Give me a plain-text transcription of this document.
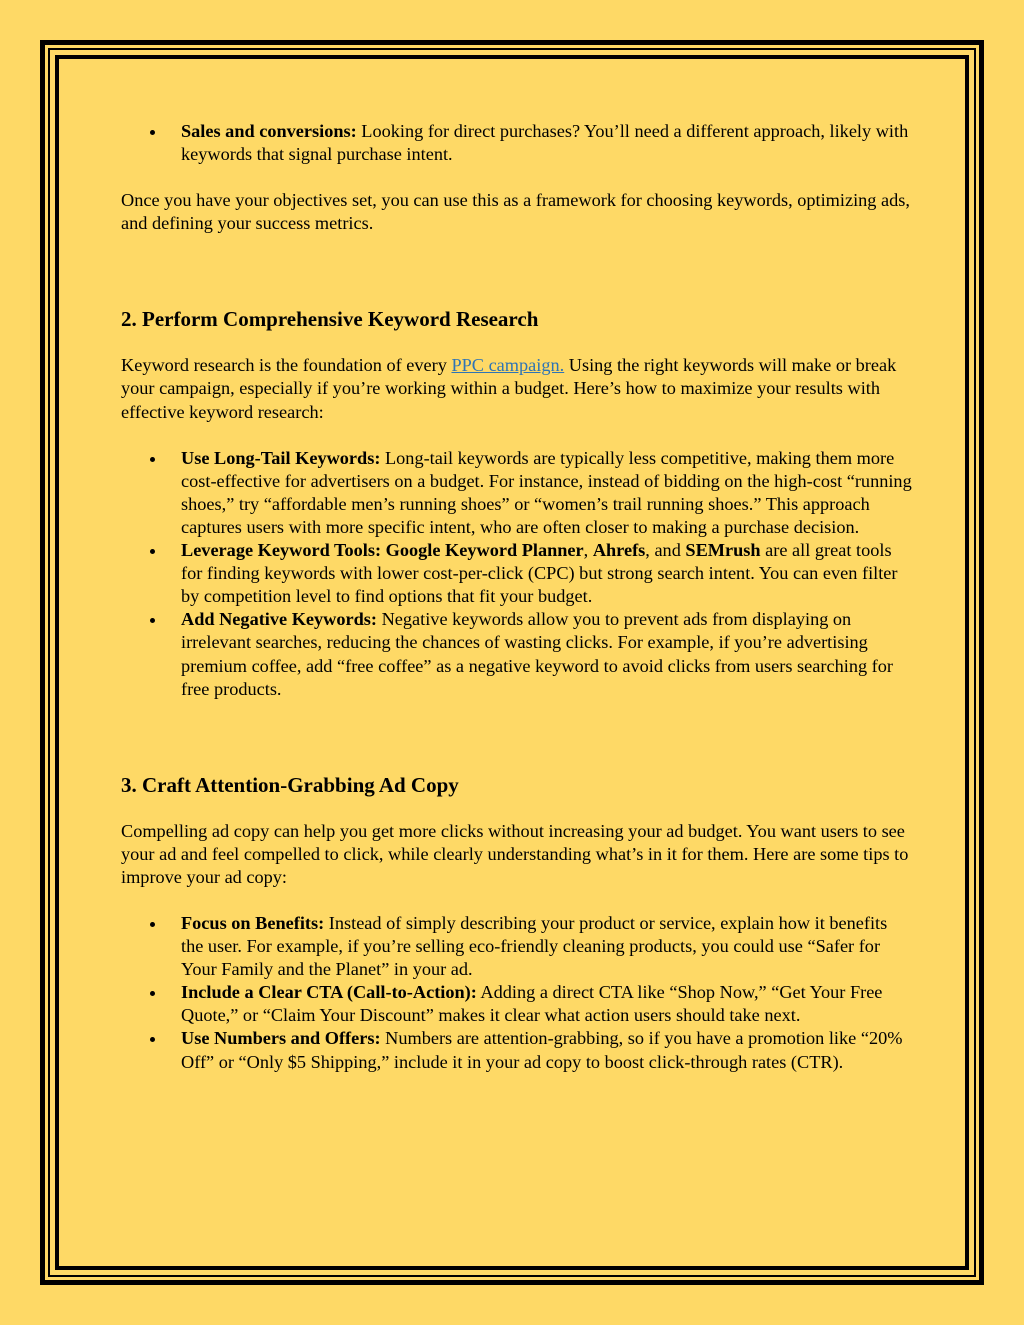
Sales and conversions: Looking for direct purchases? You’ll need a different approach, likely with keywords that signal purchase intent.

Once you have your objectives set, you can use this as a framework for choosing keywords, optimizing ads, and defining your success metrics.

2. Perform Comprehensive Keyword Research

Keyword research is the foundation of every PPC campaign. Using the right keywords will make or break your campaign, especially if you’re working within a budget. Here’s how to maximize your results with effective keyword research:

Use Long-Tail Keywords: Long-tail keywords are typically less competitive, making them more cost-effective for advertisers on a budget. For instance, instead of bidding on the high-cost “running shoes,” try “affordable men’s running shoes” or “women’s trail running shoes.” This approach captures users with more specific intent, who are often closer to making a purchase decision.
Leverage Keyword Tools: Google Keyword Planner, Ahrefs, and SEMrush are all great tools for finding keywords with lower cost-per-click (CPC) but strong search intent. You can even filter by competition level to find options that fit your budget.
Add Negative Keywords: Negative keywords allow you to prevent ads from displaying on irrelevant searches, reducing the chances of wasting clicks. For example, if you’re advertising premium coffee, add “free coffee” as a negative keyword to avoid clicks from users searching for free products.
3. Craft Attention-Grabbing Ad Copy

Compelling ad copy can help you get more clicks without increasing your ad budget. You want users to see your ad and feel compelled to click, while clearly understanding what’s in it for them. Here are some tips to improve your ad copy:

Focus on Benefits: Instead of simply describing your product or service, explain how it benefits the user. For example, if you’re selling eco-friendly cleaning products, you could use “Safer for Your Family and the Planet” in your ad.
Include a Clear CTA (Call-to-Action): Adding a direct CTA like “Shop Now,” “Get Your Free Quote,” or “Claim Your Discount” makes it clear what action users should take next.
Use Numbers and Offers: Numbers are attention-grabbing, so if you have a promotion like “20% Off” or “Only $5 Shipping,” include it in your ad copy to boost click-through rates (CTR).
